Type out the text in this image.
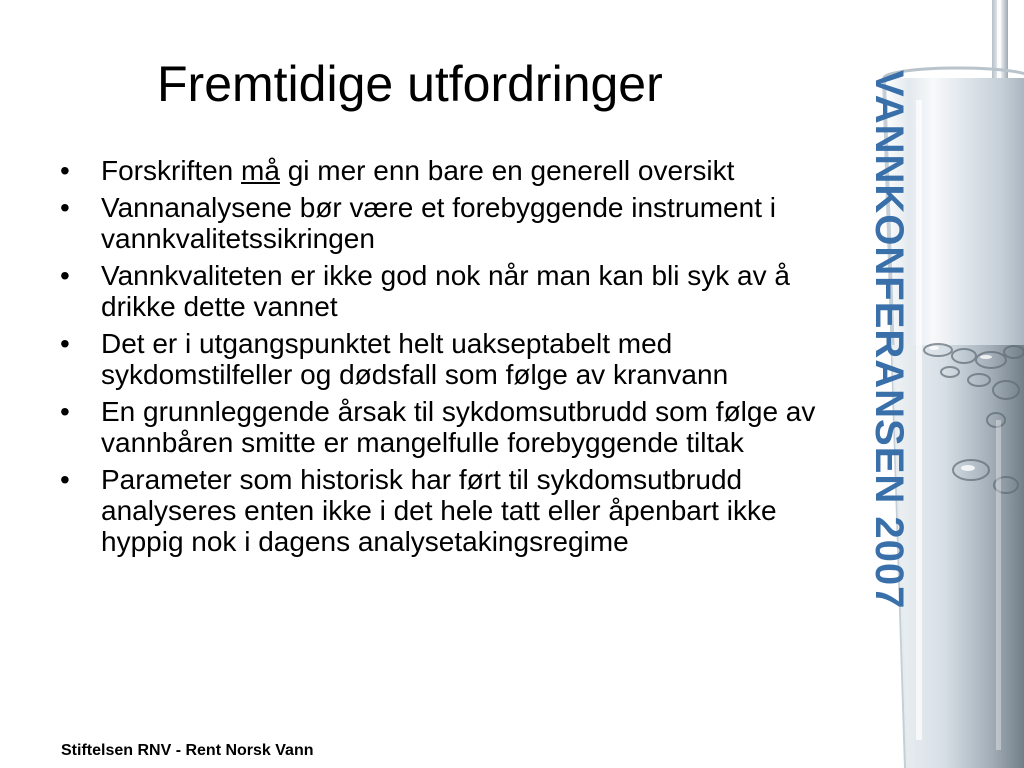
VANNKONFERANSEN 2007
Fremtidige utfordringer
• Forskriften må gi mer enn bare en generell oversikt
• Vannanalysene bør være et forebyggende instrument i vannkvalitetssikringen
• Vannkvaliteten er ikke god nok når man kan bli syk av å drikke dette vannet
• Det er i utgangspunktet helt uakseptabelt med sykdomstilfeller og dødsfall som følge av kranvann
• En grunnleggende årsak til sykdomsutbrudd som følge av vannbåren smitte er mangelfulle forebyggende tiltak
• Parameter som historisk har ført til sykdomsutbrudd analyseres enten ikke i det hele tatt eller åpenbart ikke hyppig nok i dagens analysetakingsregime
Stiftelsen RNV - Rent Norsk Vann
